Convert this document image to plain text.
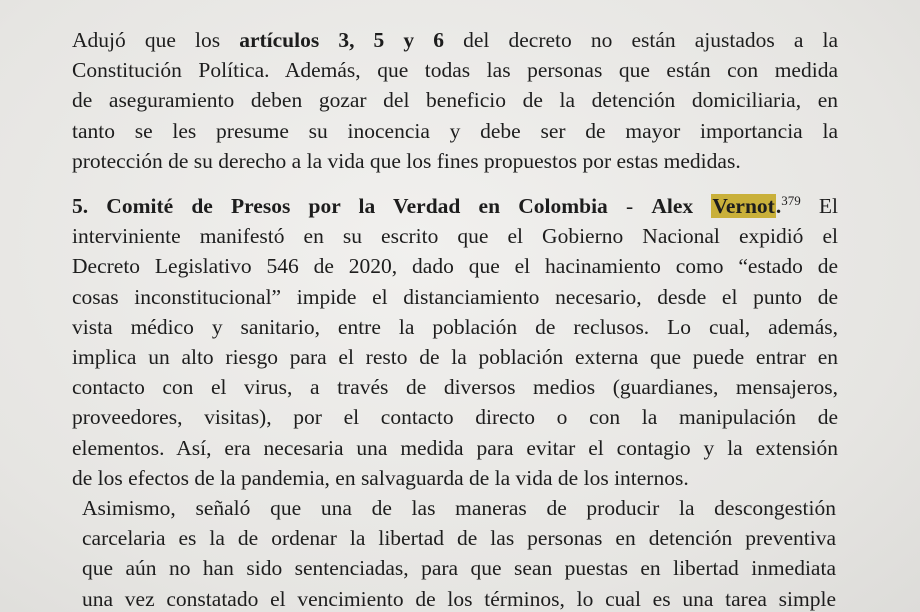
Adujó que los artículos 3, 5 y 6 del decreto no están ajustados a la
Constitución Política. Además, que todas las personas que están con medida
de aseguramiento deben gozar del beneficio de la detención domiciliaria, en
tanto se les presume su inocencia y debe ser de mayor importancia la
protección de su derecho a la vida que los fines propuestos por estas medidas.
5. Comité de Presos por la Verdad en Colombia - Alex Vernot.$^{379}$ El
interviniente manifestó en su escrito que el Gobierno Nacional expidió el
Decreto Legislativo 546 de 2020, dado que el hacinamiento como “estado de
cosas inconstitucional” impide el distanciamiento necesario, desde el punto de
vista médico y sanitario, entre la población de reclusos. Lo cual, además,
implica un alto riesgo para el resto de la población externa que puede entrar en
contacto con el virus, a través de diversos medios (guardianes, mensajeros,
proveedores, visitas), por el contacto directo o con la manipulación de
elementos. Así, era necesaria una medida para evitar el contagio y la extensión
de los efectos de la pandemia, en salvaguarda de la vida de los internos.
Asimismo, señaló que una de las maneras de producir la descongestión
carcelaria es la de ordenar la libertad de las personas en detención preventiva
que aún no han sido sentenciadas, para que sean puestas en libertad inmediata
una vez constatado el vencimiento de los términos, lo cual es una tarea simple
